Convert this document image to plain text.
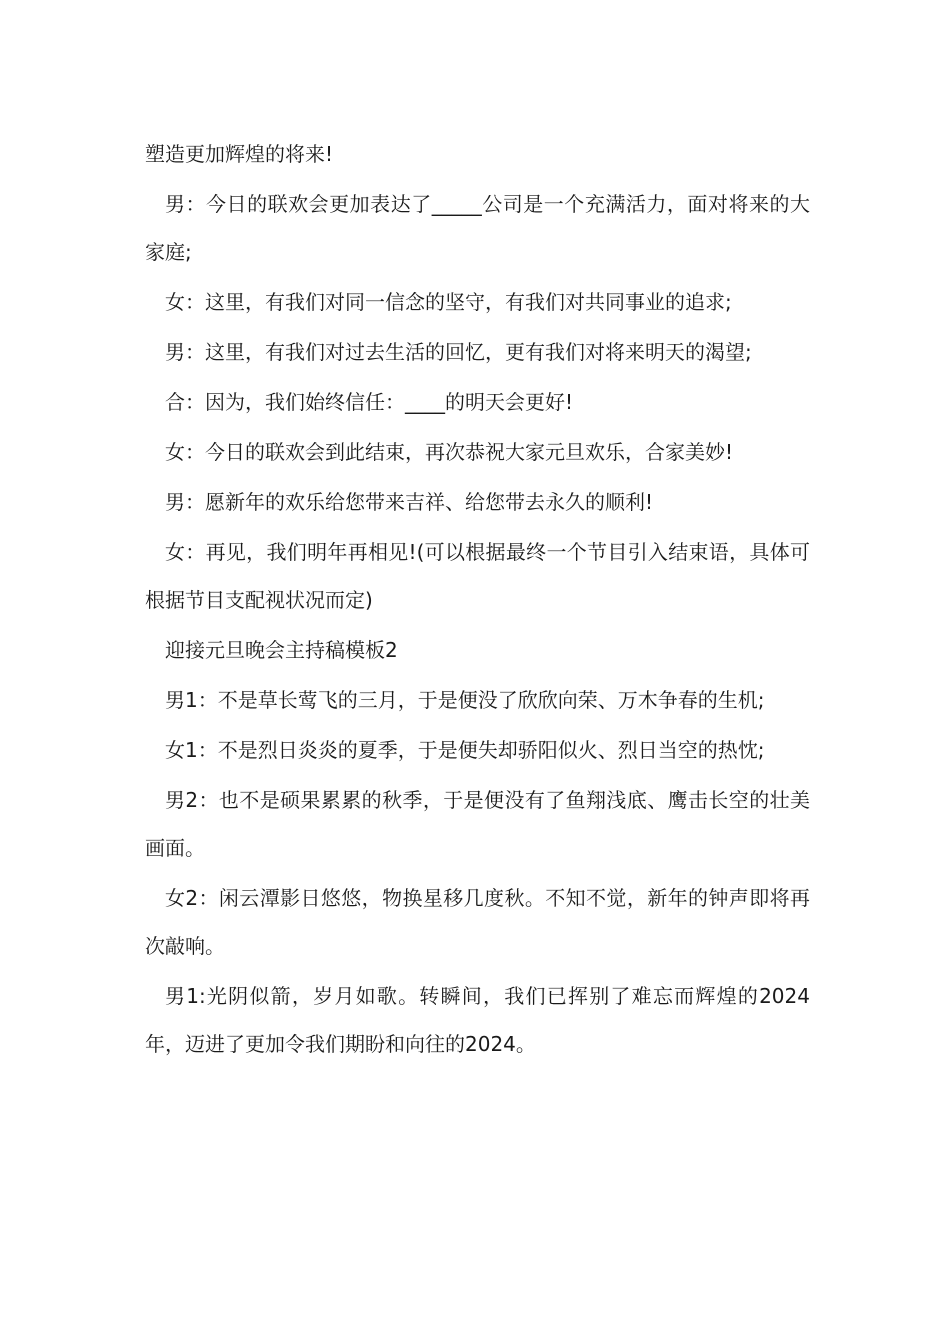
塑造更加辉煌的将来!

男：今日的联欢会更加表达了_____公司是一个充满活力，面对将来的大家庭;

女：这里，有我们对同一信念的坚守，有我们对共同事业的追求;

男：这里，有我们对过去生活的回忆，更有我们对将来明天的渴望;

合：因为，我们始终信任：____的明天会更好!

女：今日的联欢会到此结束，再次恭祝大家元旦欢乐，合家美妙!

男：愿新年的欢乐给您带来吉祥、给您带去永久的顺利!

女：再见，我们明年再相见!(可以根据最终一个节目引入结束语，具体可根据节目支配视状况而定)

迎接元旦晚会主持稿模板2

男1：不是草长莺飞的三月，于是便没了欣欣向荣、万木争春的生机;

女1：不是烈日炎炎的夏季，于是便失却骄阳似火、烈日当空的热忱;

男2：也不是硕果累累的秋季，于是便没有了鱼翔浅底、鹰击长空的壮美画面。

女2：闲云潭影日悠悠，物换星移几度秋。不知不觉，新年的钟声即将再次敲响。

男1:光阴似箭，岁月如歌。转瞬间，我们已挥别了难忘而辉煌的2024年，迈进了更加令我们期盼和向往的2024。
